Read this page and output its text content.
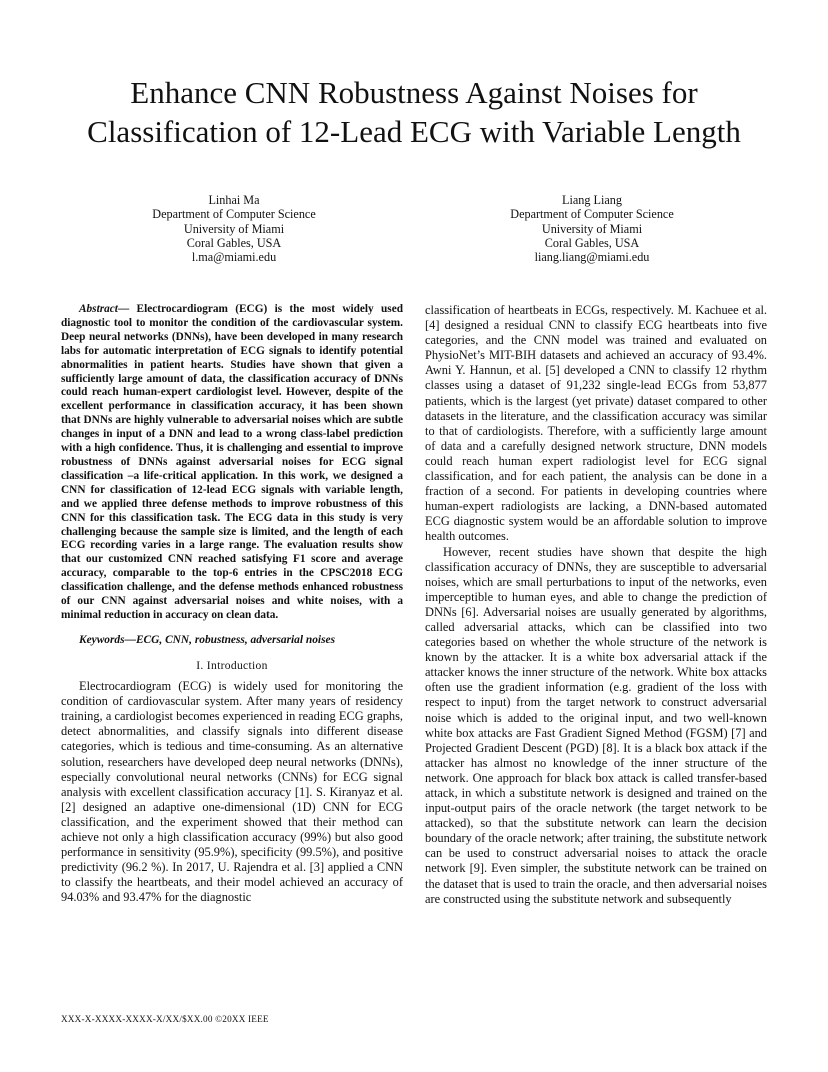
Enhance CNN Robustness Against Noises for
Classification of 12-Lead ECG with Variable Length
Linhai Ma
Department of Computer Science
University of Miami
Coral Gables, USA
l.ma@miami.edu
Liang Liang
Department of Computer Science
University of Miami
Coral Gables, USA
liang.liang@miami.edu

Abstract— Electrocardiogram (ECG) is the most widely used diagnostic tool to monitor the condition of the cardiovascular system. Deep neural networks (DNNs), have been developed in many research labs for automatic interpretation of ECG signals to identify potential abnormalities in patient hearts. Studies have shown that given a sufficiently large amount of data, the classification accuracy of DNNs could reach human-expert cardiologist level. However, despite of the excellent performance in classification accuracy, it has been shown that DNNs are highly vulnerable to adversarial noises which are subtle changes in input of a DNN and lead to a wrong class-label prediction with a high confidence. Thus, it is challenging and essential to improve robustness of DNNs against adversarial noises for ECG signal classification –a life-critical application. In this work, we designed a CNN for classification of 12-lead ECG signals with variable length, and we applied three defense methods to improve robustness of this CNN for this classification task. The ECG data in this study is very challenging because the sample size is limited, and the length of each ECG recording varies in a large range. The evaluation results show that our customized CNN reached satisfying F1 score and average accuracy, comparable to the top-6 entries in the CPSC2018 ECG classification challenge, and the defense methods enhanced robustness of our CNN against adversarial noises and white noises, with a minimal reduction in accuracy on clean data.

Keywords—ECG, CNN, robustness, adversarial noises

I. Introduction

Electrocardiogram (ECG) is widely used for monitoring the condition of cardiovascular system. After many years of residency training, a cardiologist becomes experienced in reading ECG graphs, detect abnormalities, and classify signals into different disease categories, which is tedious and time-consuming. As an alternative solution, researchers have developed deep neural networks (DNNs), especially convolutional neural networks (CNNs) for ECG signal analysis with excellent classification accuracy [1]. S. Kiranyaz et al. [2] designed an adaptive one-dimensional (1D) CNN for ECG classification, and the experiment showed that their method can achieve not only a high classification accuracy (99%) but also good performance in sensitivity (95.9%), specificity (99.5%), and positive predictivity (96.2 %). In 2017, U. Rajendra et al. [3] applied a CNN to classify the heartbeats, and their model achieved an accuracy of 94.03% and 93.47% for the diagnostic

classification of heartbeats in ECGs, respectively. M. Kachuee et al. [4] designed a residual CNN to classify ECG heartbeats into five categories, and the CNN model was trained and evaluated on PhysioNet’s MIT-BIH datasets and achieved an accuracy of 93.4%. Awni Y. Hannun, et al. [5] developed a CNN to classify 12 rhythm classes using a dataset of 91,232 single-lead ECGs from 53,877 patients, which is the largest (yet private) dataset compared to other datasets in the literature, and the classification accuracy was similar to that of cardiologists. Therefore, with a sufficiently large amount of data and a carefully designed network structure, DNN models could reach human expert radiologist level for ECG signal classification, and for each patient, the analysis can be done in a fraction of a second. For patients in developing countries where human-expert radiologists are lacking, a DNN-based automated ECG diagnostic system would be an affordable solution to improve health outcomes.

However, recent studies have shown that despite the high classification accuracy of DNNs, they are susceptible to adversarial noises, which are small perturbations to input of the networks, even imperceptible to human eyes, and able to change the prediction of DNNs [6]. Adversarial noises are usually generated by algorithms, called adversarial attacks, which can be classified into two categories based on whether the whole structure of the network is known by the attacker. It is a white box adversarial attack if the attacker knows the inner structure of the network. White box attacks often use the gradient information (e.g. gradient of the loss with respect to input) from the target network to construct adversarial noise which is added to the original input, and two well-known white box attacks are Fast Gradient Signed Method (FGSM) [7] and Projected Gradient Descent (PGD) [8]. It is a black box attack if the attacker has almost no knowledge of the inner structure of the network. One approach for black box attack is called transfer-based attack, in which a substitute network is designed and trained on the input-output pairs of the oracle network (the target network to be attacked), so that the substitute network can learn the decision boundary of the oracle network; after training, the substitute network can be used to construct adversarial noises to attack the oracle network [9]. Even simpler, the substitute network can be trained on the dataset that is used to train the oracle, and then adversarial noises are constructed using the substitute network and subsequently

XXX-X-XXXX-XXXX-X/XX/$XX.00 ©20XX IEEE
